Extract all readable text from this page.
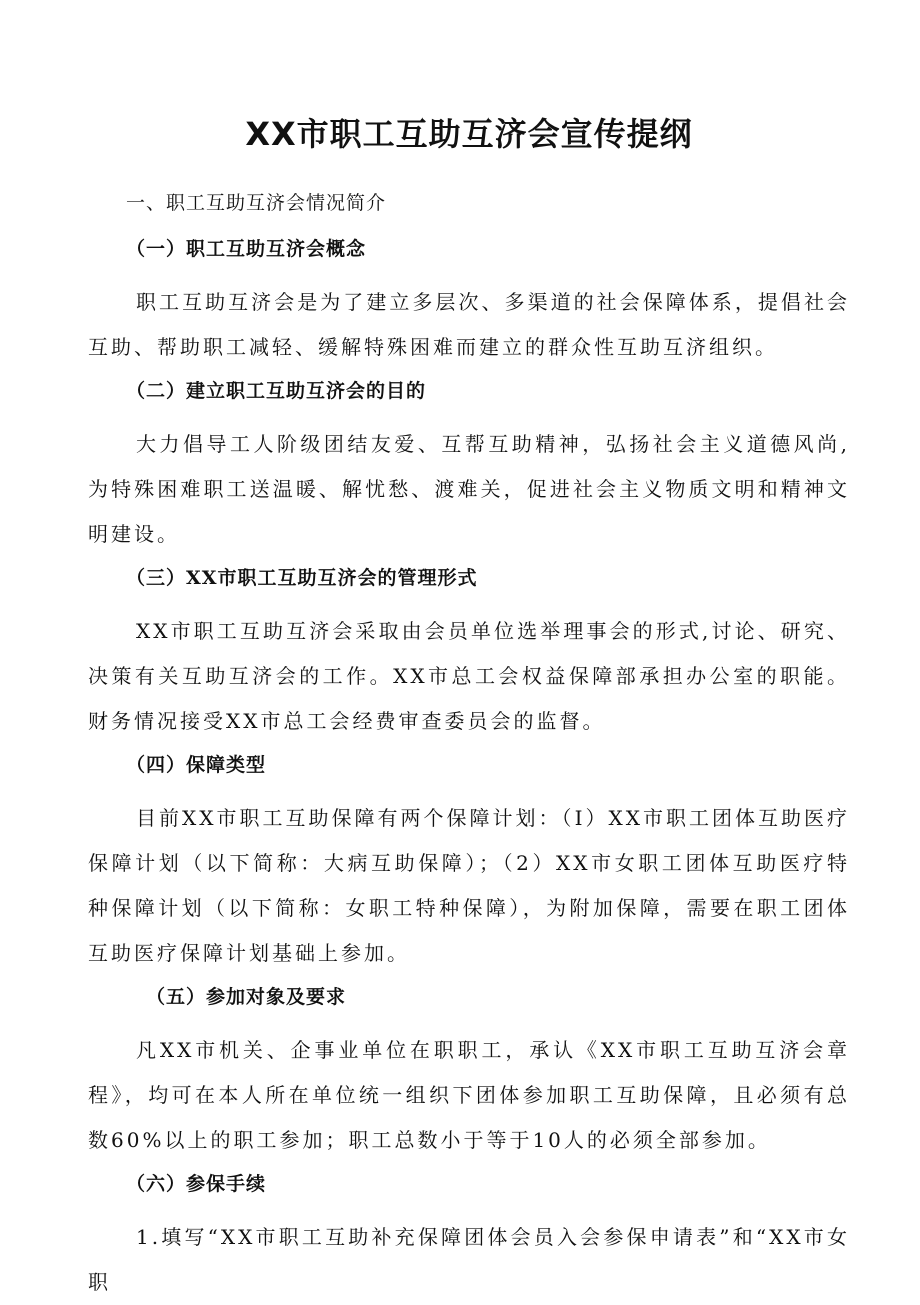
XX市职工互助互济会宣传提纲
一、职工互助互济会情况简介
（一）职工互助互济会概念

职工互助互济会是为了建立多层次、多渠道的社会保障体系，提倡社会互助、帮助职工减轻、缓解特殊困难而建立的群众性互助互济组织。

（二）建立职工互助互济会的目的

大力倡导工人阶级团结友爱、互帮互助精神，弘扬社会主义道德风尚,为特殊困难职工送温暖、解忧愁、渡难关，促进社会主义物质文明和精神文明建设。

（三）XX市职工互助互济会的管理形式

XX市职工互助互济会采取由会员单位选举理事会的形式,讨论、研究、决策有关互助互济会的工作。XX市总工会权益保障部承担办公室的职能。财务情况接受XX市总工会经费审查委员会的监督。

（四）保障类型

目前XX市职工互助保障有两个保障计划：（I）XX市职工团体互助医疗保障计划（以下简称：大病互助保障）；（2）XX市女职工团体互助医疗特种保障计划（以下简称：女职工特种保障），为附加保障，需要在职工团体互助医疗保障计划基础上参加。

（五）参加对象及要求

凡XX市机关、企事业单位在职职工，承认《XX市职工互助互济会章程》，均可在本人所在单位统一组织下团体参加职工互助保障，且必须有总数60%以上的职工参加；职工总数小于等于10人的必须全部参加。

（六）参保手续

1.填写“XX市职工互助补充保障团体会员入会参保申请表”和“XX市女职
